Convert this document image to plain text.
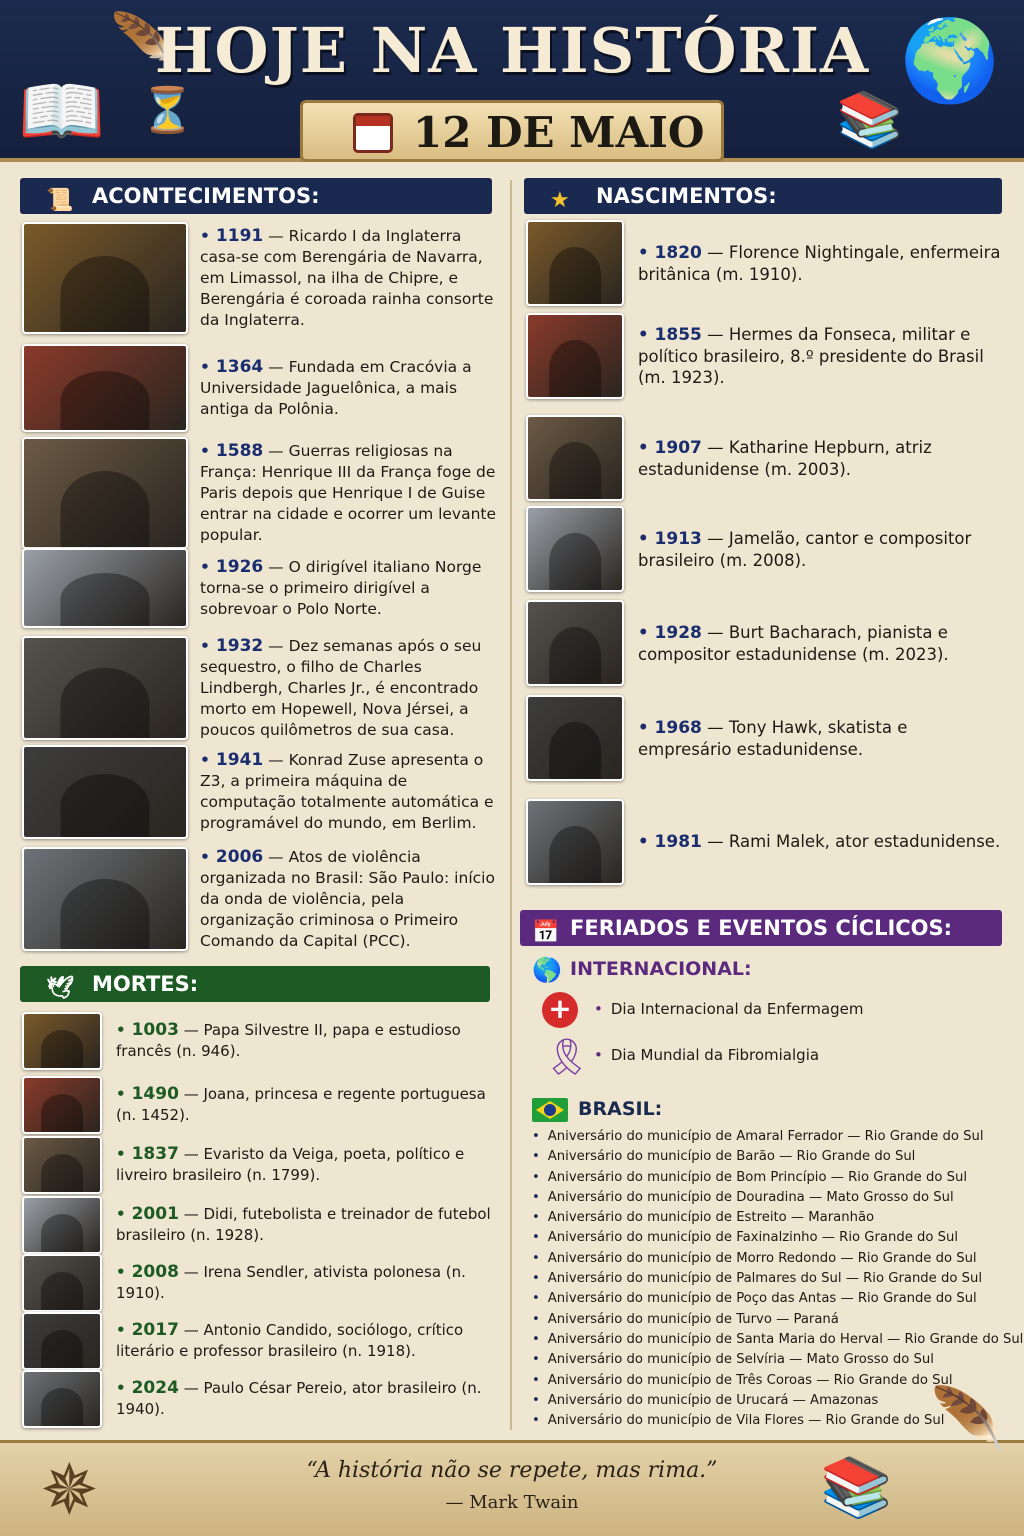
📖
🪶
⏳
HOJE NA HISTÓRIA
12 DE MAIO 📚
🌍
📜 ACONTECIMENTOS:	★ NASCIMENTOS:
🕊 MORTES:
📅 FERIADOS E EVENTOS CÍCLICOS:
🌎 INTERNACIONAL:
+	• Dia Internacional da Enfermagem
🎗 • Dia Mundial da Fibromialgia
BRASIL:
• Aniversário do município de Amaral Ferrador — Rio Grande do Sul
• Aniversário do município de Barão — Rio Grande do Sul
• Aniversário do município de Bom Princípio — Rio Grande do Sul
• Aniversário do município de Douradina — Mato Grosso do Sul
• Aniversário do município de Estreito — Maranhão
• Aniversário do município de Faxinalzinho — Rio Grande do Sul
• Aniversário do município de Morro Redondo — Rio Grande do Sul
• Aniversário do município de Palmares do Sul — Rio Grande do Sul
• Aniversário do município de Poço das Antas — Rio Grande do Sul
• Aniversário do município de Turvo — Paraná
• Aniversário do município de Santa Maria do Herval — Rio Grande do Sul
• Aniversário do município de Selvíria — Mato Grosso do Sul
• Aniversário do município de Três Coroas — Rio Grande do Sul
• Aniversário do município de Urucará — Amazonas
• Aniversário do município de Vila Flores — Rio Grande do Sul
✵	📚
🪶
“A história não se repete, mas rima.”
— Mark Twain
• 1191 — Ricardo I da Inglaterra casa-se com Berengária de Navarra, em Limassol, na ilha de Chipre, e Berengária é coroada rainha consorte da Inglaterra.
• 1364 — Fundada em Cracóvia a Universidade Jaguelônica, a mais antiga da Polônia.
• 1588 — Guerras religiosas na França: Henrique III da França foge de Paris depois que Henrique I de Guise entrar na cidade e ocorrer um levante popular.
• 1926 — O dirigível italiano Norge torna-se o primeiro dirigível a sobrevoar o Polo Norte.
• 1932 — Dez semanas após o seu sequestro, o filho de Charles Lindbergh, Charles Jr., é encontrado morto em Hopewell, Nova Jérsei, a poucos quilômetros de sua casa.
• 1941 — Konrad Zuse apresenta o Z3, a primeira máquina de computação totalmente automática e programável do mundo, em Berlim.
• 2006 — Atos de violência organizada no Brasil: São Paulo: início da onda de violência, pela organização criminosa o Primeiro Comando da Capital (PCC).
• 1820 — Florence Nightingale, enfermeira britânica (m. 1910).
• 1855 — Hermes da Fonseca, militar e político brasileiro, 8.º presidente do Brasil (m. 1923).
• 1907 — Katharine Hepburn, atriz estadunidense (m. 2003).
• 1913 — Jamelão, cantor e compositor brasileiro (m. 2008).
• 1928 — Burt Bacharach, pianista e compositor estadunidense (m. 2023).
• 1968 — Tony Hawk, skatista e empresário estadunidense.
• 1981 — Rami Malek, ator estadunidense.
• 1003 — Papa Silvestre II, papa e estudioso francês (n. 946).
• 1490 — Joana, princesa e regente portuguesa (n. 1452).
• 1837 — Evaristo da Veiga, poeta, político e livreiro brasileiro (n. 1799).
• 2001 — Didi, futebolista e treinador de futebol brasileiro (n. 1928).
• 2008 — Irena Sendler, ativista polonesa (n. 1910).
• 2017 — Antonio Candido, sociólogo, crítico literário e professor brasileiro (n. 1918).
• 2024 — Paulo César Pereio, ator brasileiro (n. 1940).
